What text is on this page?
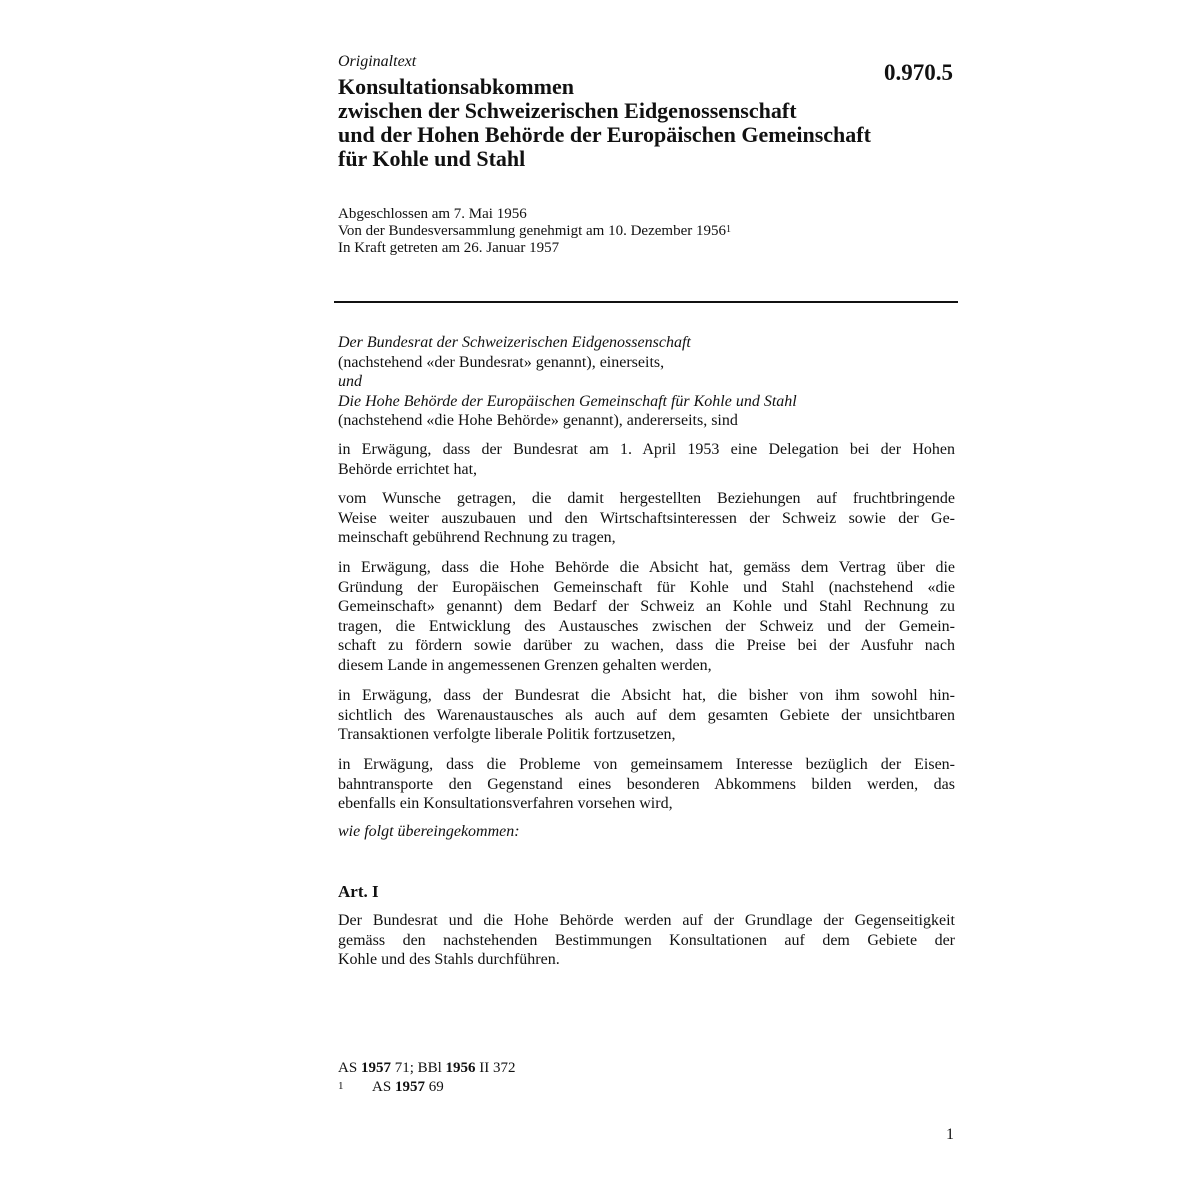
Originaltext	0.970.5
Konsultationsabkommen
zwischen der Schweizerischen Eidgenossenschaft
und der Hohen Behörde der Europäischen Gemeinschaft
für Kohle und Stahl
Abgeschlossen am 7. Mai 1956
Von der Bundesversammlung genehmigt am 10. Dezember 1956$^1$
In Kraft getreten am 26. Januar 1957
Der Bundesrat der Schweizerischen Eidgenossenschaft
(nachstehend «der Bundesrat» genannt), einerseits,
und
Die Hohe Behörde der Europäischen Gemeinschaft für Kohle und Stahl
(nachstehend «die Hohe Behörde» genannt), andererseits, sind
in Erwägung, dass der Bundesrat am 1. April 1953 eine Delegation bei der Hohen
Behörde errichtet hat,
vom Wunsche getragen, die damit hergestellten Beziehungen auf fruchtbringende
Weise weiter auszubauen und den Wirtschaftsinteressen der Schweiz sowie der Ge-
meinschaft gebührend Rechnung zu tragen,
in Erwägung, dass die Hohe Behörde die Absicht hat, gemäss dem Vertrag über die
Gründung der Europäischen Gemeinschaft für Kohle und Stahl (nachstehend «die
Gemeinschaft» genannt) dem Bedarf der Schweiz an Kohle und Stahl Rechnung zu
tragen, die Entwicklung des Austausches zwischen der Schweiz und der Gemein-
schaft zu fördern sowie darüber zu wachen, dass die Preise bei der Ausfuhr nach
diesem Lande in angemessenen Grenzen gehalten werden,
in Erwägung, dass der Bundesrat die Absicht hat, die bisher von ihm sowohl hin-
sichtlich des Warenaustausches als auch auf dem gesamten Gebiete der unsichtbaren
Transaktionen verfolgte liberale Politik fortzusetzen,
in Erwägung, dass die Probleme von gemeinsamem Interesse bezüglich der Eisen-
bahntransporte den Gegenstand eines besonderen Abkommens bilden werden, das
ebenfalls ein Konsultationsverfahren vorsehen wird,
wie folgt übereingekommen:
Art. I
Der Bundesrat und die Hohe Behörde werden auf der Grundlage der Gegenseitigkeit
gemäss den nachstehenden Bestimmungen Konsultationen auf dem Gebiete der
Kohle und des Stahls durchführen.
AS 1957 71; BBl 1956 II 372
1 AS 1957 69
1
